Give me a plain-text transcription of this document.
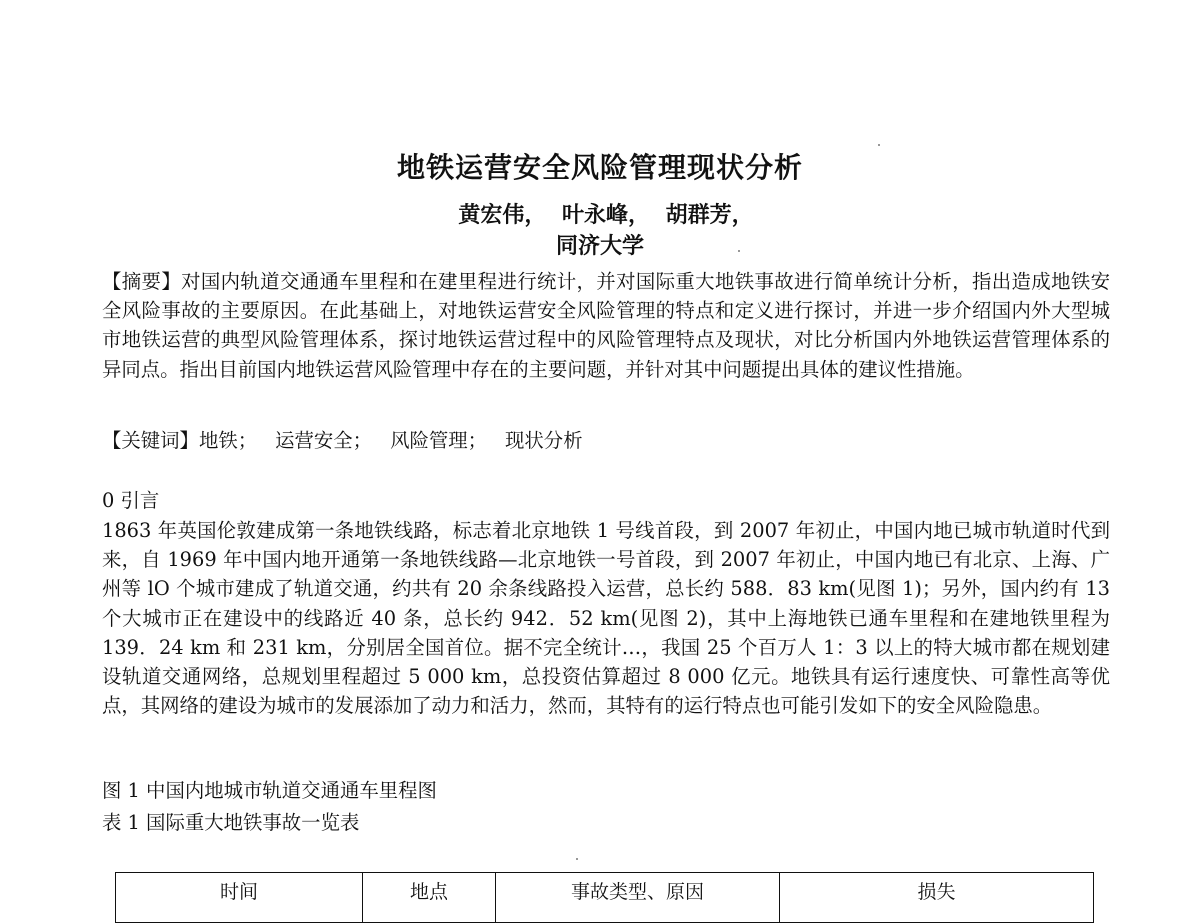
地铁运营安全风险管理现状分析
黄宏伟， 叶永峰， 胡群芳，
同济大学

【摘要】对国内轨道交通通车里程和在建里程进行统计，并对国际重大地铁事故进行简单统计分析，指出造成地铁安全风险事故的主要原因。在此基础上，对地铁运营安全风险管理的特点和定义进行探讨，并进一步介绍国内外大型城市地铁运营的典型风险管理体系，探讨地铁运营过程中的风险管理特点及现状，对比分析国内外地铁运营管理体系的异同点。指出目前国内地铁运营风险管理中存在的主要问题，并针对其中问题提出具体的建议性措施。

【关键词】地铁； 运营安全； 风险管理； 现状分析

0 引言

1863 年英国伦敦建成第一条地铁线路，标志着北京地铁 1 号线首段，到 2007 年初止，中国内地已城市轨道时代到来，自 1969 年中国内地开通第一条地铁线路—北京地铁一号首段，到 2007 年初止，中国内地已有北京、上海、广州等 lO 个城市建成了轨道交通，约共有 20 余条线路投入运营，总长约 588．83 km(见图 1)；另外，国内约有 13 个大城市正在建设中的线路近 40 条，总长约 942．52 km(见图 2)，其中上海地铁已通车里程和在建地铁里程为 139．24 km 和 231 km，分别居全国首位。据不完全统计…，我国 25 个百万人 1：3 以上的特大城市都在规划建设轨道交通网络，总规划里程超过 5 000 km，总投资估算超过 8 000 亿元。地铁具有运行速度快、可靠性高等优点，其网络的建设为城市的发展添加了动力和活力，然而，其特有的运行特点也可能引发如下的安全风险隐患。

图 1 中国内地城市轨道交通通车里程图

表 1 国际重大地铁事故一览表

时间	地点	事故类型、原因	损失
